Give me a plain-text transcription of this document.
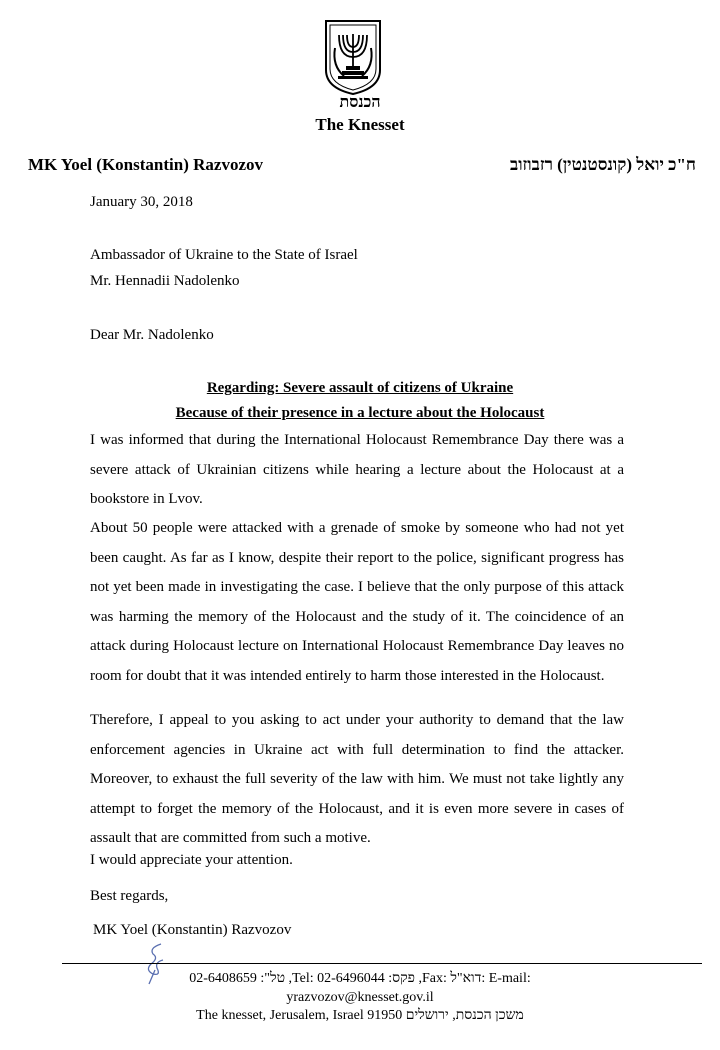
הכנסת
The Knesset
MK Yoel (Konstantin) Razvozov	ח"כ יואל (קונסטנטין) רזבוזוב
January 30, 2018
Ambassador of Ukraine to the State of Israel
Mr. Hennadii Nadolenko
Dear Mr. Nadolenko
Regarding: Severe assault of citizens of Ukraine
Because of their presence in a lecture about the Holocaust

I was informed that during the International Holocaust Remembrance Day there was a severe attack of Ukrainian citizens while hearing a lecture about the Holocaust at a bookstore in Lvov.

About 50 people were attacked with a grenade of smoke by someone who had not yet been caught. As far as I know, despite their report to the police, significant progress has not yet been made in investigating the case. I believe that the only purpose of this attack was harming the memory of the Holocaust and the study of it. The coincidence of an attack during Holocaust lecture on International Holocaust Remembrance Day leaves no room for doubt that it was intended entirely to harm those interested in the Holocaust.

Therefore, I appeal to you asking to act under your authority to demand that the law enforcement agencies in Ukraine act with full determination to find the attacker. Moreover, to exhaust the full severity of the law with him. We must not take lightly any attempt to forget the memory of the Holocaust, and it is even more severe in cases of assault that are committed from such a motive.

I would appreciate your attention.

Best regards,
MK Yoel (Konstantin) Razvozov
טל": 02-6408659 ,Tel: פקס: 02-6496044 ,Fax: דוא"ל: E-mail:
yrazvozov@knesset.gov.il
The knesset, Jerusalem, Israel 91950 משכן הכנסת, ירושלים
